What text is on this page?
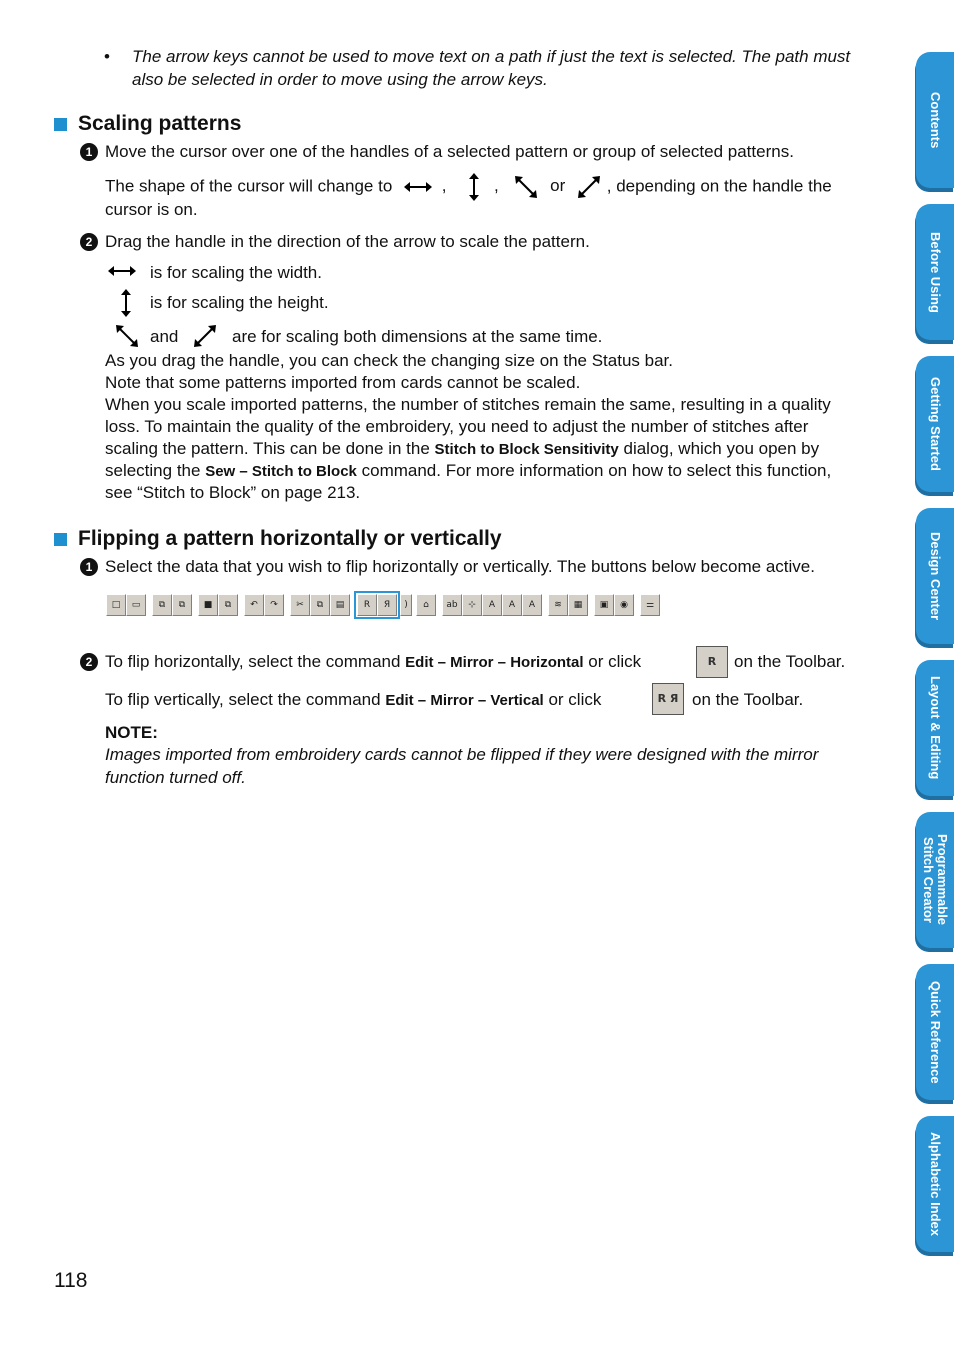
• The arrow keys cannot be used to move text on a path if just the text is selected. The path must
also be selected in order to move using the arrow keys.
Scaling patterns
1 Move the cursor over one of the handles of a selected pattern or group of selected patterns.
The shape of the cursor will change to	,	,	or , depending on the handle the
cursor is on.
2 Drag the handle in the direction of the arrow to scale the pattern.
is for scaling the width.
is for scaling the height.
and	are for scaling both dimensions at the same time.
As you drag the handle, you can check the changing size on the Status bar.
Note that some patterns imported from cards cannot be scaled.
When you scale imported patterns, the number of stitches remain the same, resulting in a quality
loss. To maintain the quality of the embroidery, you need to adjust the number of stitches after
scaling the pattern. This can be done in the Stitch to Block Sensitivity dialog, which you open by
selecting the Sew – Stitch to Block command. For more information on how to select this function,
see “Stitch to Block” on page 213.
Flipping a pattern horizontally or vertically
1 Select the data that you wish to flip horizontally or vertically. The buttons below become active.
□	▭	⧉	⧉	■	⧉	↶	↷	✂	⧉	▤	R	Я	)	⌂	ab	⊹	A	A	A	≋	▦	▣	◉	⚌
2 To flip horizontally, select the command Edit – Mirror – Horizontal or click	R	on the Toolbar.
To flip vertically, select the command Edit – Mirror – Vertical or click	R Я on the Toolbar.
NOTE:
Images imported from embroidery cards cannot be flipped if they were designed with the mirror
function turned off.
118
Contents
Before Using
Getting Started
Design Center
Layout & Editing
Programmable
Stitch Creator
Quick Reference
Alphabetic Index
